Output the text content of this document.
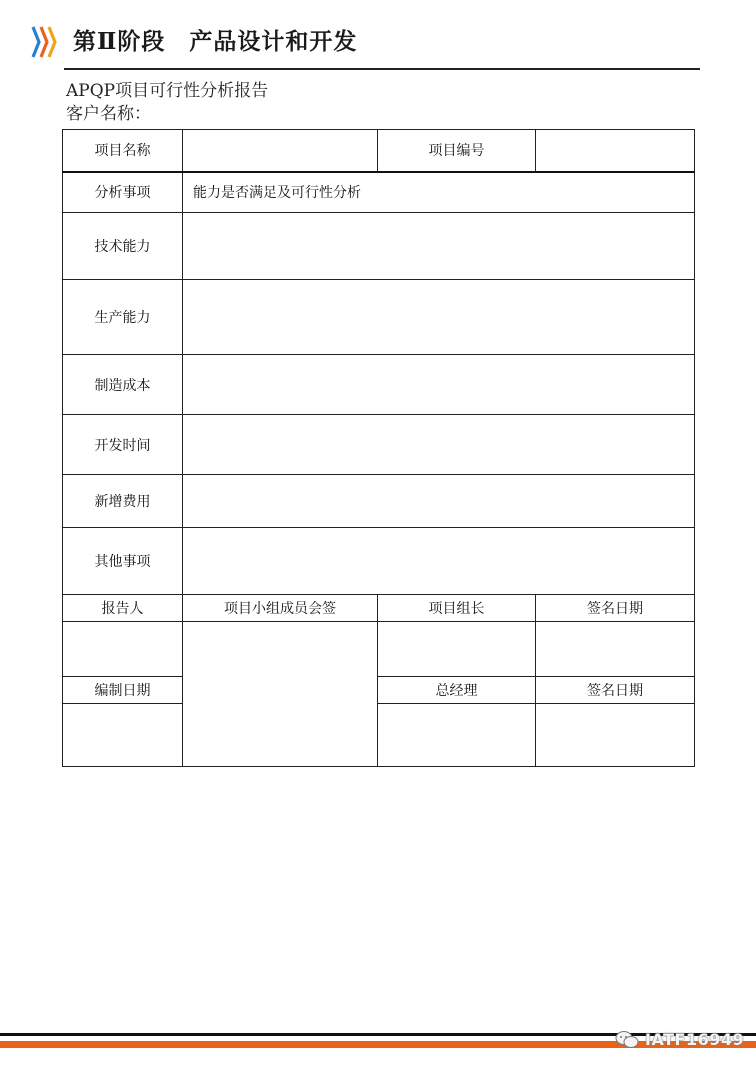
第Ⅱ阶段　产品设计和开发
APQP项目可行性分析报告
客户名称：
项目名称		项目编号	
分析事项	能力是否满足及可行性分析		
技术能力			
生产能力			
制造成本			
开发时间			
新增费用			
其他事项			
报告人	项目小组成员会签	项目组长	签名日期

编制日期		总经理	签名日期

IATF16949
